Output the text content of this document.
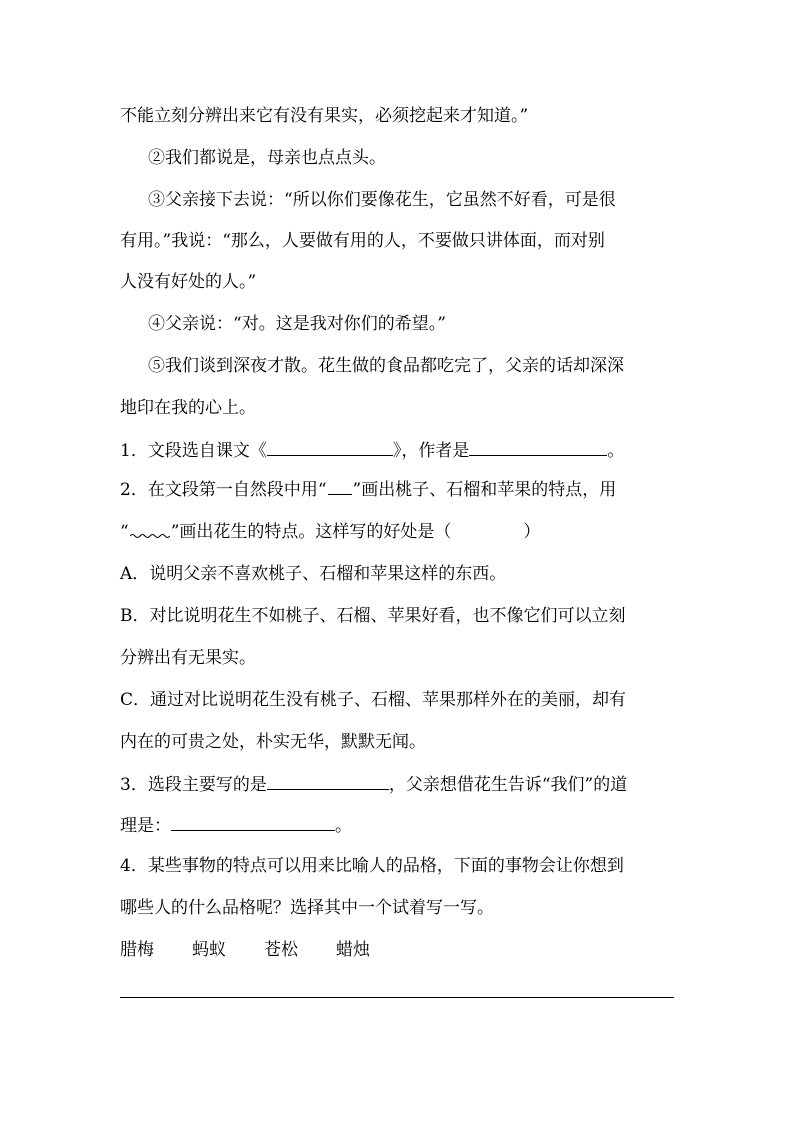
不能立刻分辨出来它有没有果实，必须挖起来才知道。”
②我们都说是，母亲也点点头。
③父亲接下去说：“所以你们要像花生，它虽然不好看，可是很
有用。”我说：“那么，人要做有用的人，不要做只讲体面，而对别
人没有好处的人。”
④父亲说：“对。这是我对你们的希望。”
⑤我们谈到深夜才散。花生做的食品都吃完了，父亲的话却深深
地印在我的心上。
1．文段选自课文《	》，作者是	。
2．在文段第一自然段中用“ ”画出桃子、石榴和苹果的特点，用
“ ”画出花生的特点。这样写的好处是（	）
A．说明父亲不喜欢桃子、石榴和苹果这样的东西。
B．对比说明花生不如桃子、石榴、苹果好看，也不像它们可以立刻
分辨出有无果实。
C．通过对比说明花生没有桃子、石榴、苹果那样外在的美丽，却有
内在的可贵之处，朴实无华，默默无闻。
3．选段主要写的是	，父亲想借花生告诉“我们”的道
理是：	。
4．某些事物的特点可以用来比喻人的品格，下面的事物会让你想到
哪些人的什么品格呢？选择其中一个试着写一写。
腊梅 蚂蚁 苍松 蜡烛
